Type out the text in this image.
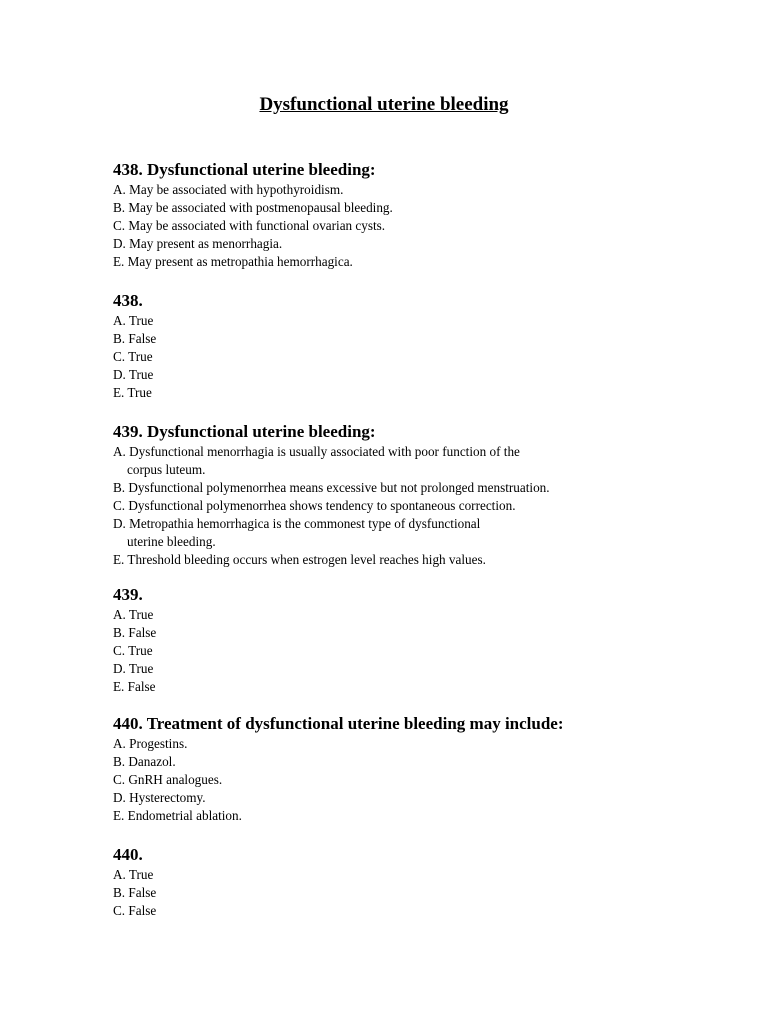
Dysfunctional uterine bleeding
438. Dysfunctional uterine bleeding:
A. May be associated with hypothyroidism.
B. May be associated with postmenopausal bleeding.
C. May be associated with functional ovarian cysts.
D. May present as menorrhagia.
E. May present as metropathia hemorrhagica.
438.
A. True
B. False
C. True
D. True
E. True
439. Dysfunctional uterine bleeding:
A. Dysfunctional menorrhagia is usually associated with poor function of the
corpus luteum.
B. Dysfunctional polymenorrhea means excessive but not prolonged menstruation.
C. Dysfunctional polymenorrhea shows tendency to spontaneous correction.
D. Metropathia hemorrhagica is the commonest type of dysfunctional
uterine bleeding.
E. Threshold bleeding occurs when estrogen level reaches high values.
439.
A. True
B. False
C. True
D. True
E. False
440. Treatment of dysfunctional uterine bleeding may include:
A. Progestins.
B. Danazol.
C. GnRH analogues.
D. Hysterectomy.
E. Endometrial ablation.
440.
A. True
B. False
C. False
